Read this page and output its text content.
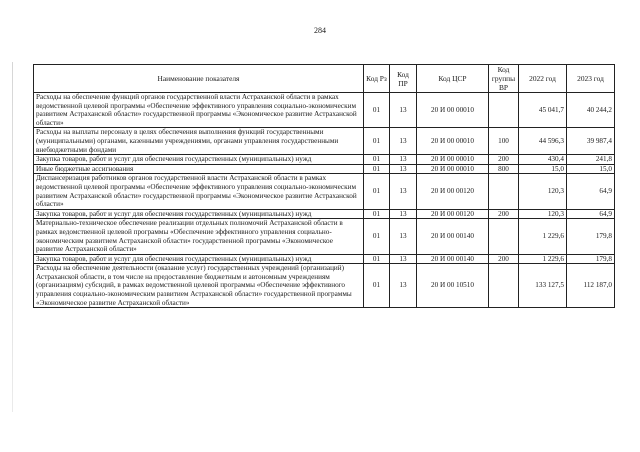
284
Наименование показателя	Код Рз	Код ПР	Код ЦСР	Код группы ВР	2022 год	2023 год
Расходы на обеспечение функций органов государственной власти Астраханской области в рамках ведомственной целевой программы «Обеспечение эффективного управления социально-экономическим развитием Астраханской области» государственной программы «Экономическое развитие Астраханской области»	01	13	20 И 00 00010		45 041,7	40 244,2
Расходы на выплаты персоналу в целях обеспечения выполнения функций государственными (муниципальными) органами, казенными учреждениями, органами управления государственными внебюджетными фондами	01	13	20 И 00 00010	100	44 596,3	39 987,4
Закупка товаров, работ и услуг для обеспечения государственных (муниципальных) нужд	01	13	20 И 00 00010	200	430,4	241,8
Иные бюджетные ассигнования	01	13	20 И 00 00010	800	15,0	15,0
Диспансеризация работников органов государственной власти Астраханской области в рамках ведомственной целевой программы «Обеспечение эффективного управления социально-экономическим развитием Астраханской области» государственной программы «Экономическое развитие Астраханской области»	01	13	20 И 00 00120		120,3	64,9
Закупка товаров, работ и услуг для обеспечения государственных (муниципальных) нужд	01	13	20 И 00 00120	200	120,3	64,9
Материально-техническое обеспечение реализации отдельных полномочий Астраханской области в рамках ведомственной целевой программы «Обеспечение эффективного управления социально-экономическим развитием Астраханской области» государственной программы «Экономическое развитие Астраханской области»	01	13	20 И 00 00140		1 229,6	179,8
Закупка товаров, работ и услуг для обеспечения государственных (муниципальных) нужд	01	13	20 И 00 00140	200	1 229,6	179,8
Расходы на обеспечение деятельности (оказание услуг) государственных учреждений (организаций) Астраханской области, в том числе на предоставление бюджетным и автономным учреждениям (организациям) субсидий, в рамках ведомственной целевой программы «Обеспечение эффективного управления социально-экономическим развитием Астраханской области» государственной программы «Экономическое развитие Астраханской области»	01	13	20 И 00 10510		133 127,5	112 187,0
